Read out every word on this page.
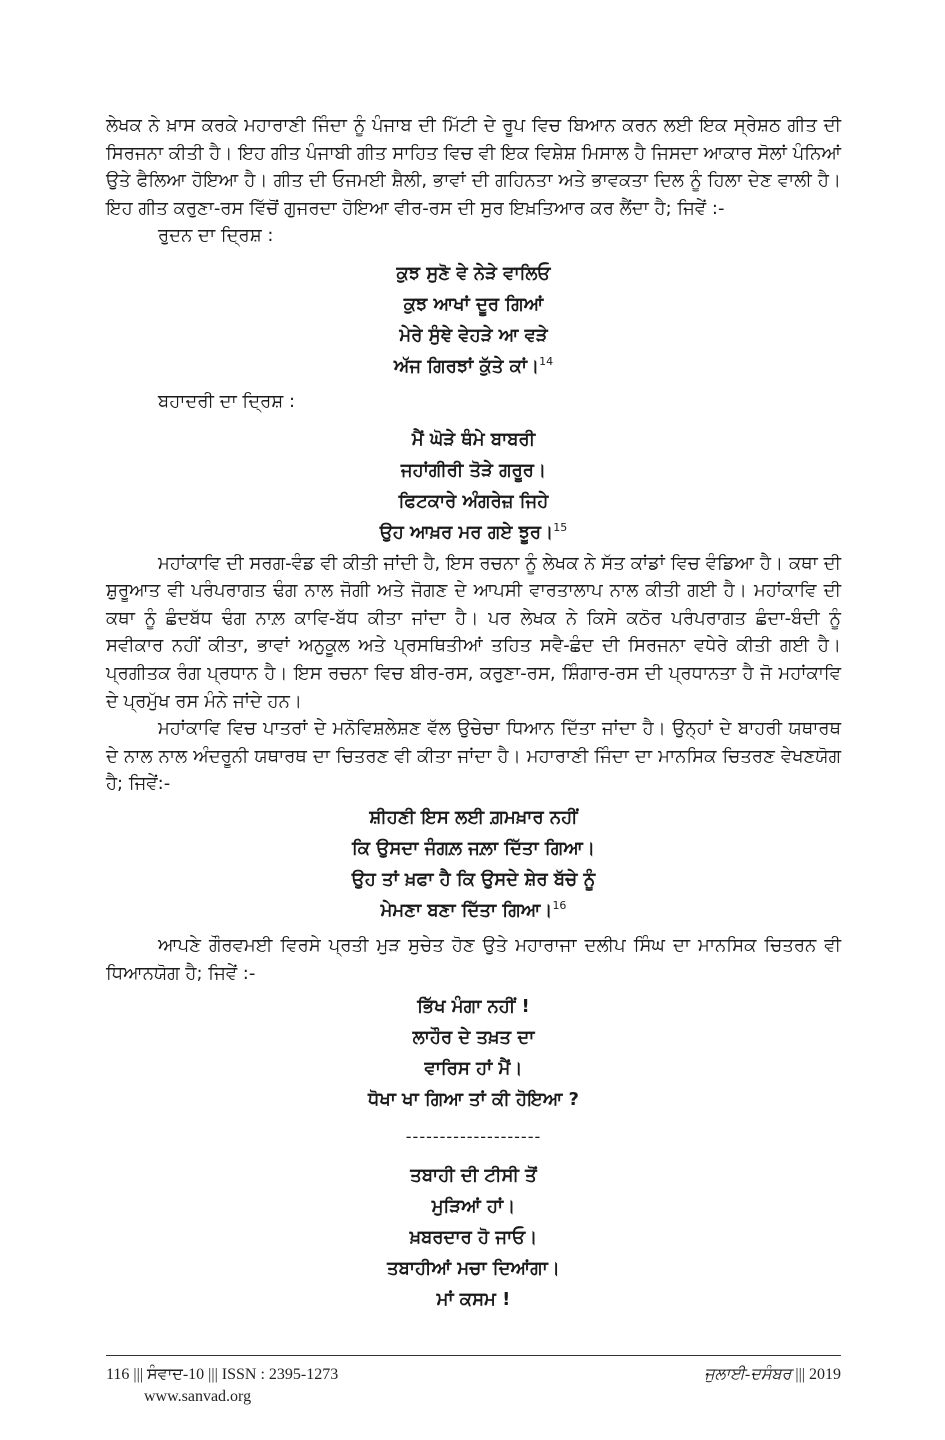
ਲੇਖਕ ਨੇ ਖ਼ਾਸ ਕਰਕੇ ਮਹਾਰਾਣੀ ਜਿੰਦਾ ਨੂੰ ਪੰਜਾਬ ਦੀ ਮਿੱਟੀ ਦੇ ਰੂਪ ਵਿਚ ਬਿਆਨ ਕਰਨ ਲਈ ਇਕ ਸ੍ਰੇਸ਼ਠ ਗੀਤ ਦੀ ਸਿਰਜਨਾ ਕੀਤੀ ਹੈ। ਇਹ ਗੀਤ ਪੰਜਾਬੀ ਗੀਤ ਸਾਹਿਤ ਵਿਚ ਵੀ ਇਕ ਵਿਸ਼ੇਸ਼ ਮਿਸਾਲ ਹੈ ਜਿਸਦਾ ਆਕਾਰ ਸੋਲਾਂ ਪੰਨਿਆਂ ਉਤੇ ਫੈਲਿਆ ਹੋਇਆ ਹੈ। ਗੀਤ ਦੀ ਓਜਮਈ ਸ਼ੈਲੀ, ਭਾਵਾਂ ਦੀ ਗਹਿਨਤਾ ਅਤੇ ਭਾਵਕਤਾ ਦਿਲ ਨੂੰ ਹਿਲਾ ਦੇਣ ਵਾਲੀ ਹੈ। ਇਹ ਗੀਤ ਕਰੁਣਾ-ਰਸ ਵਿੱਚੋਂ ਗੁਜਰਦਾ ਹੋਇਆ ਵੀਰ-ਰਸ ਦੀ ਸੁਰ ਇਖ਼ਤਿਆਰ ਕਰ ਲੈਂਦਾ ਹੈ; ਜਿਵੇਂ :-

ਰੁਦਨ ਦਾ ਦ੍ਰਿਸ਼ :

ਕੁਝ ਸੁਣੋ ਵੇ ਨੇੜੇ ਵਾਲਿਓ
ਕੁਝ ਆਖਾਂ ਦੂਰ ਗਿਆਂ
ਮੇਰੇ ਸੁੰਞੇ ਵੇਹੜੇ ਆ ਵੜੇ
ਅੱਜ ਗਿਰਝਾਂ ਕੁੱਤੇ ਕਾਂ।$^{14}$

ਬਹਾਦਰੀ ਦਾ ਦ੍ਰਿਸ਼ :

ਮੈਂ ਘੋੜੇ ਥੰਮੇ ਬਾਬਰੀ
ਜਹਾਂਗੀਰੀ ਤੋੜੇ ਗਰੂਰ।
ਫਿਟਕਾਰੇ ਅੰਗਰੇਜ਼ ਜਿਹੇ
ਉਹ ਆਖ਼ਰ ਮਰ ਗਏ ਝੂਰ।$^{15}$

ਮਹਾਂਕਾਵਿ ਦੀ ਸਰਗ-ਵੰਡ ਵੀ ਕੀਤੀ ਜਾਂਦੀ ਹੈ, ਇਸ ਰਚਨਾ ਨੂੰ ਲੇਖਕ ਨੇ ਸੱਤ ਕਾਂਡਾਂ ਵਿਚ ਵੰਡਿਆ ਹੈ। ਕਥਾ ਦੀ ਸ਼ੁਰੂਆਤ ਵੀ ਪਰੰਪਰਾਗਤ ਢੰਗ ਨਾਲ ਜੋਗੀ ਅਤੇ ਜੋਗਣ ਦੇ ਆਪਸੀ ਵਾਰਤਾਲਾਪ ਨਾਲ ਕੀਤੀ ਗਈ ਹੈ। ਮਹਾਂਕਾਵਿ ਦੀ ਕਥਾ ਨੂੰ ਛੰਦਬੱਧ ਢੰਗ ਨਾਲ਼ ਕਾਵਿ-ਬੱਧ ਕੀਤਾ ਜਾਂਦਾ ਹੈ। ਪਰ ਲੇਖਕ ਨੇ ਕਿਸੇ ਕਠੋਰ ਪਰੰਪਰਾਗਤ ਛੰਦਾ-ਬੰਦੀ ਨੂੰ ਸਵੀਕਾਰ ਨਹੀਂ ਕੀਤਾ, ਭਾਵਾਂ ਅਨੁਕੂਲ ਅਤੇ ਪ੍ਰਸਥਿਤੀਆਂ ਤਹਿਤ ਸਵੈ-ਛੰਦ ਦੀ ਸਿਰਜਨਾ ਵਧੇਰੇ ਕੀਤੀ ਗਈ ਹੈ। ਪ੍ਰਗੀਤਕ ਰੰਗ ਪ੍ਰਧਾਨ ਹੈ। ਇਸ ਰਚਨਾ ਵਿਚ ਬੀਰ-ਰਸ, ਕਰੁਣਾ-ਰਸ, ਸ਼ਿੰਗਾਰ-ਰਸ ਦੀ ਪ੍ਰਧਾਨਤਾ ਹੈ ਜੋ ਮਹਾਂਕਾਵਿ ਦੇ ਪ੍ਰਮੁੱਖ ਰਸ ਮੰਨੇ ਜਾਂਦੇ ਹਨ।

ਮਹਾਂਕਾਵਿ ਵਿਚ ਪਾਤਰਾਂ ਦੇ ਮਨੋਵਿਸ਼ਲੇਸ਼ਣ ਵੱਲ ਉਚੇਚਾ ਧਿਆਨ ਦਿੱਤਾ ਜਾਂਦਾ ਹੈ। ਉਨ੍ਹਾਂ ਦੇ ਬਾਹਰੀ ਯਥਾਰਥ ਦੇ ਨਾਲ ਨਾਲ ਅੰਦਰੂਨੀ ਯਥਾਰਥ ਦਾ ਚਿਤਰਣ ਵੀ ਕੀਤਾ ਜਾਂਦਾ ਹੈ। ਮਹਾਰਾਣੀ ਜਿੰਦਾ ਦਾ ਮਾਨਸਿਕ ਚਿਤਰਣ ਵੇਖਣਯੋਗ ਹੈ; ਜਿਵੇਂ:-

ਸ਼ੀਹਣੀ ਇਸ ਲਈ ਗ਼ਮਖ਼ਾਰ ਨਹੀਂ
ਕਿ ਉਸਦਾ ਜੰਗਲ਼ ਜਲ਼ਾ ਦਿੱਤਾ ਗਿਆ।
ਉਹ ਤਾਂ ਖ਼ਫਾ ਹੈ ਕਿ ਉਸਦੇ ਸ਼ੇਰ ਬੱਚੇ ਨੂੰ
ਮੇਮਣਾ ਬਣਾ ਦਿੱਤਾ ਗਿਆ।$^{16}$

ਆਪਣੇ ਗੌਰਵਮਈ ਵਿਰਸੇ ਪ੍ਰਤੀ ਮੁੜ ਸੁਚੇਤ ਹੋਣ ਉਤੇ ਮਹਾਰਾਜਾ ਦਲੀਪ ਸਿੰਘ ਦਾ ਮਾਨਸਿਕ ਚਿਤਰਨ ਵੀ ਧਿਆਨਯੋਗ ਹੈ; ਜਿਵੇਂ :-

ਭਿੱਖ ਮੰਗਾ ਨਹੀਂ !
ਲਾਹੌਰ ਦੇ ਤਖ਼ਤ ਦਾ
ਵਾਰਿਸ ਹਾਂ ਮੈਂ।
ਧੋਖਾ ਖਾ ਗਿਆ ਤਾਂ ਕੀ ਹੋਇਆ ?
--------------------
ਤਬਾਹੀ ਦੀ ਟੀਸੀ ਤੋਂ
ਮੁੜਿਆਂ ਹਾਂ।
ਖ਼ਬਰਦਾਰ ਹੋ ਜਾਓ।
ਤਬਾਹੀਆਂ ਮਚਾ ਦਿਆਂਗਾ।
ਮਾਂ ਕਸਮ !
116 ||| ਸੰਵਾਦ-10 ||| ISSN : 2395-1273
www.sanvad.org
ਜੁਲਾਈ-ਦਸੰਬਰ ||| 2019
